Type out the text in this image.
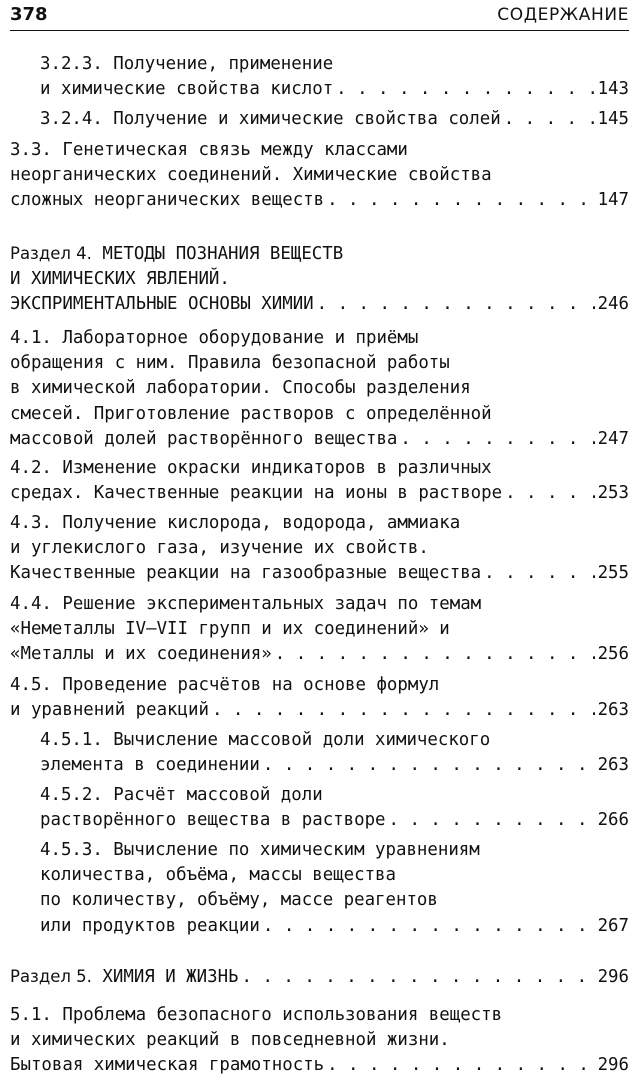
378	СОДЕРЖАНИЕ
3.2.3. Получение, применение
и химические свойства кислот . . .	143
3.2.4. Получение и химические свойства солей . . .	145
3.3. Генетическая связь между классами
неорганических соединений. Химические свойства
сложных неорганических веществ . . .	147
Раздел 4. МЕТОДЫ ПОЗНАНИЯ ВЕЩЕСТВ
И ХИМИЧЕСКИХ ЯВЛЕНИЙ.
ЭКСПРИМЕНТАЛЬНЫЕ ОСНОВЫ ХИМИИ . . .	246
4.1. Лабораторное оборудование и приёмы
обращения с ним. Правила безопасной работы
в химической лаборатории. Способы разделения
смесей. Приготовление растворов с определённой
массовой долей растворённого вещества . . .	247
4.2. Изменение окраски индикаторов в различных
средах. Качественные реакции на ионы в растворе . . .	253
4.3. Получение кислорода, водорода, аммиака
и углекислого газа, изучение их свойств.
Качественные реакции на газообразные вещества . . .	255
4.4. Решение экспериментальных задач по темам
«Неметаллы IV–VII групп и их соединений» и
«Металлы и их соединения» . . .	256
4.5. Проведение расчётов на основе формул
и уравнений реакций . . .	263
4.5.1. Вычисление массовой доли химического
элемента в соединении . . .	263
4.5.2. Расчёт массовой доли
растворённого вещества в растворе . . .	266
4.5.3. Вычисление по химическим уравнениям
количества, объёма, массы вещества
по количеству, объёму, массе реагентов
или продуктов реакции . . .	267
Раздел 5. ХИМИЯ И ЖИЗНЬ . . .	296
5.1. Проблема безопасного использования веществ
и химических реакций в повседневной жизни.
Бытовая химическая грамотность . . .	296
